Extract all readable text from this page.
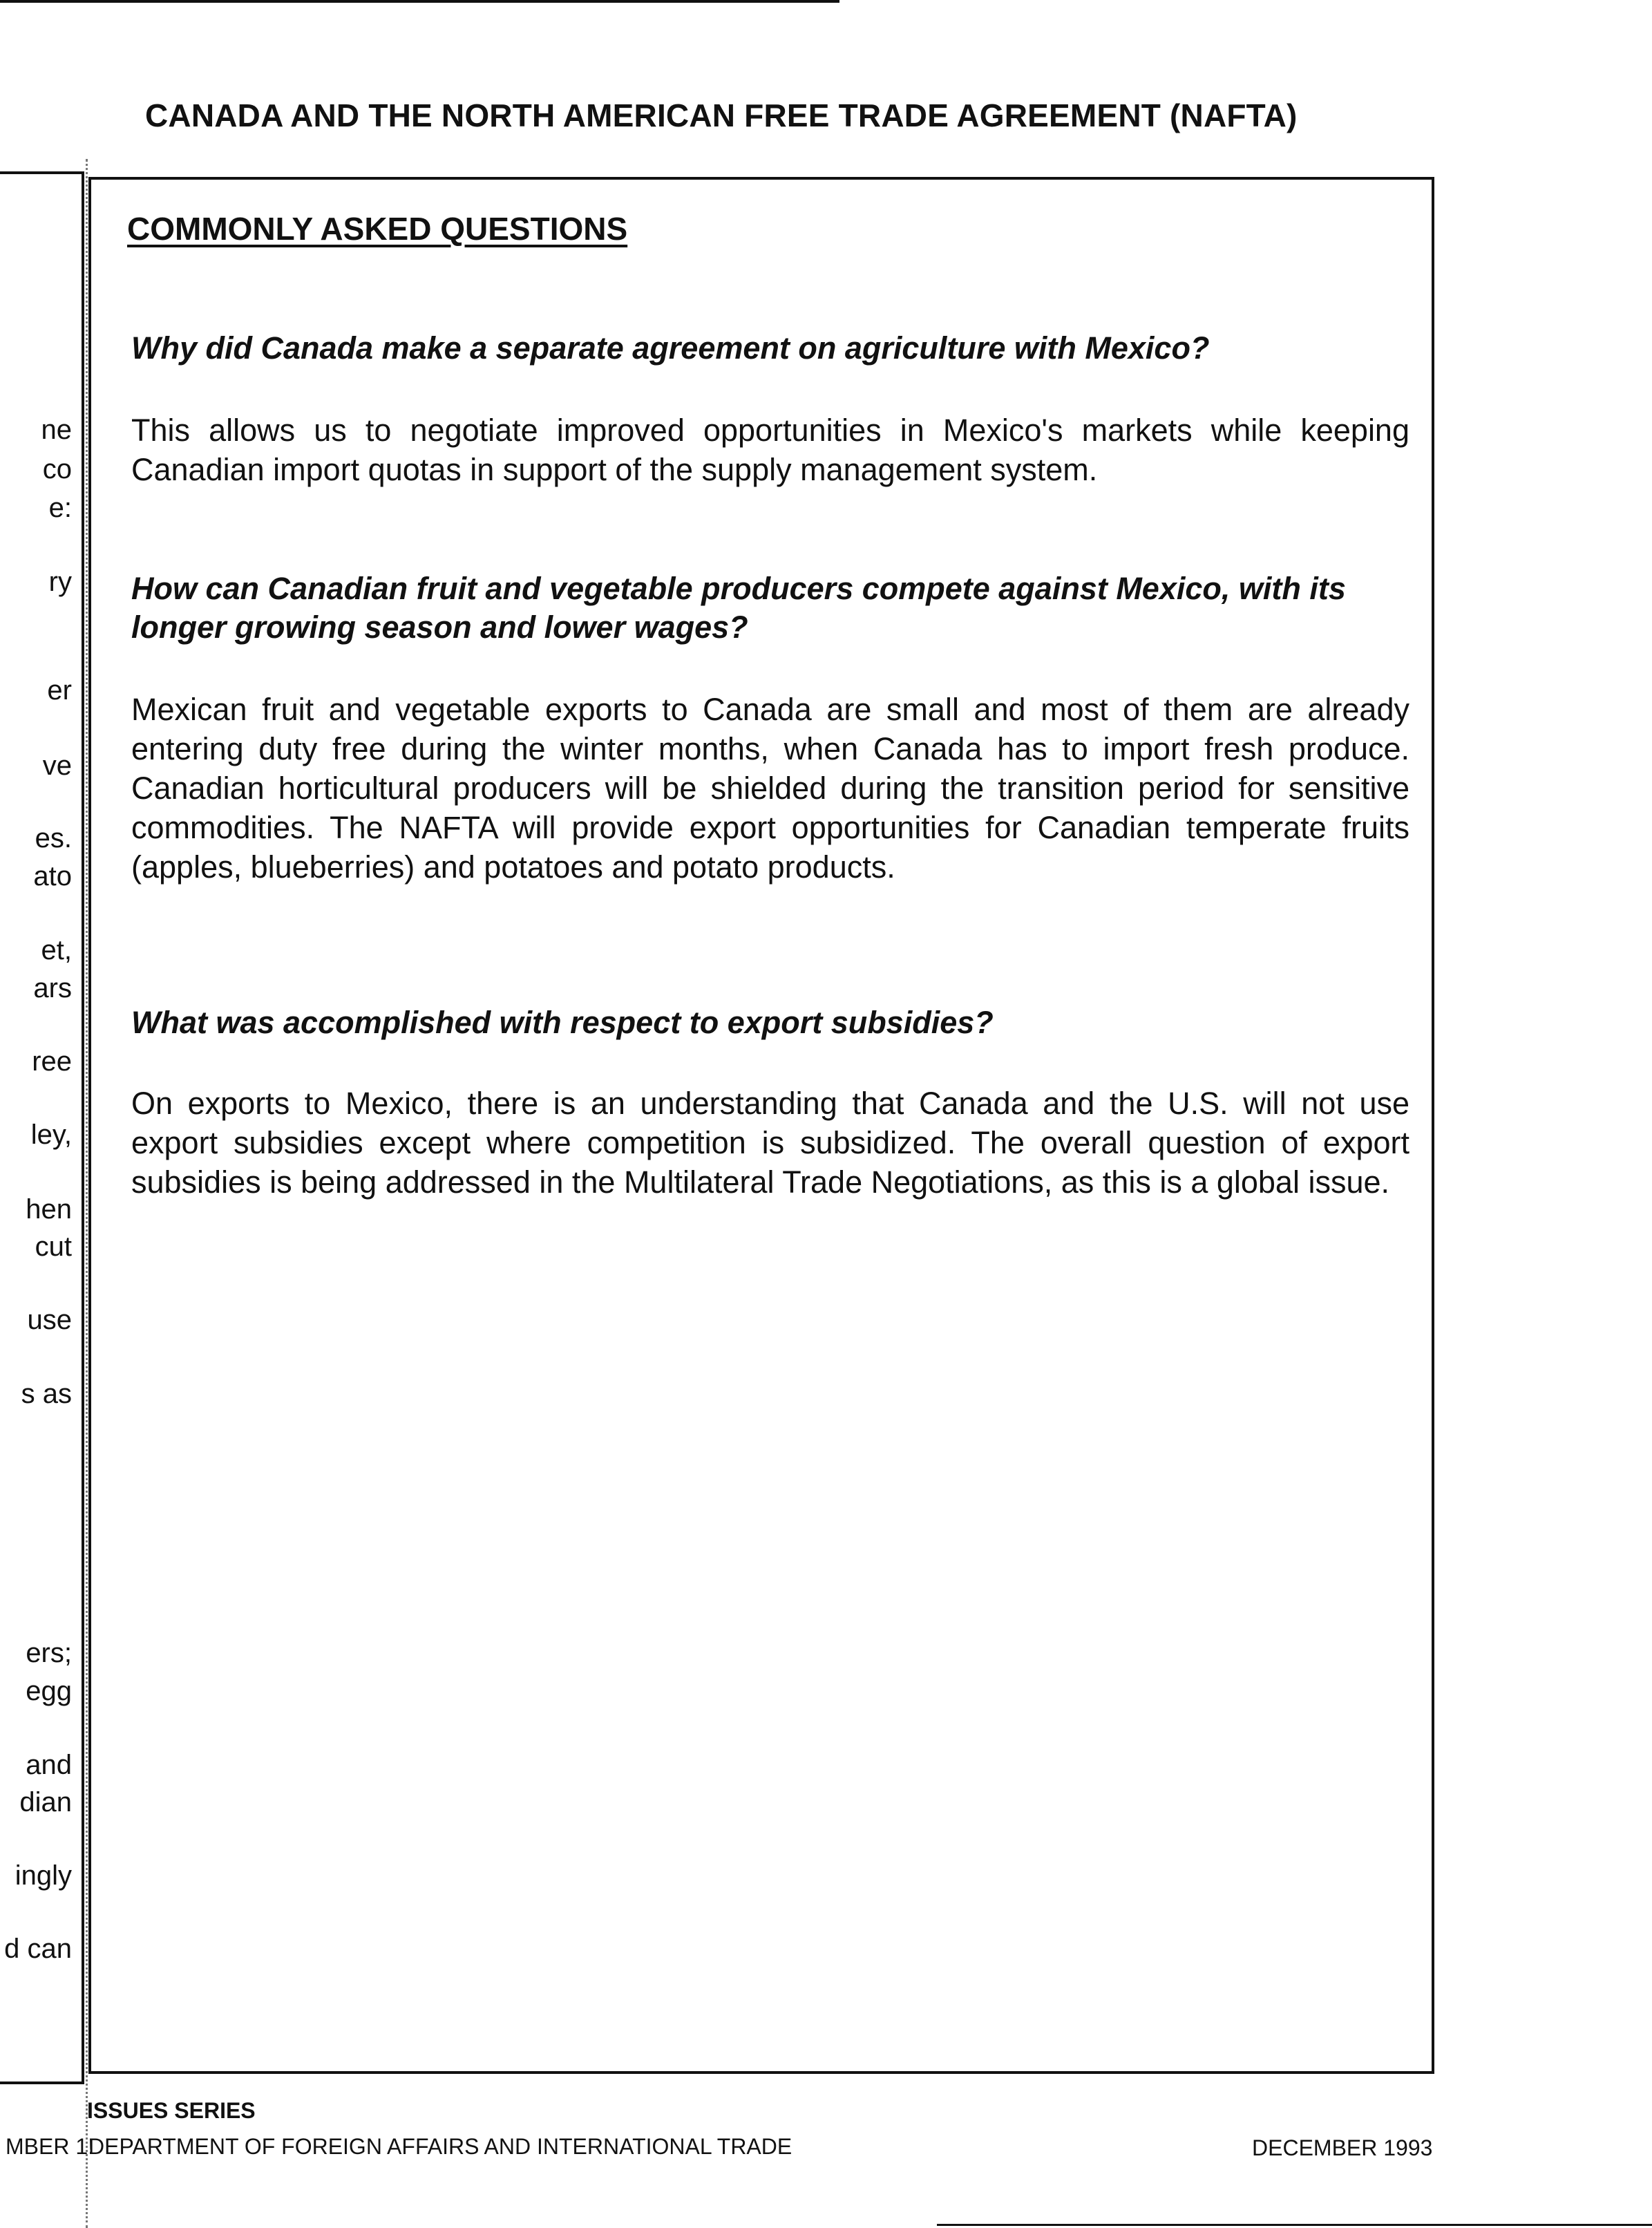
CANADA AND THE NORTH AMERICAN FREE TRADE AGREEMENT (NAFTA)
ne
co
e:
ry
er
ve
es.
ato
et,
ars
ree
ley,
hen
cut
use
s as
ers;
egg
and
dian
ingly
d can
COMMONLY ASKED QUESTIONS

Why did Canada make a separate agreement on agriculture with Mexico?

This allows us to negotiate improved opportunities in Mexico's markets while keeping Canadian import quotas in support of the supply management system.

How can Canadian fruit and vegetable producers compete against Mexico, with its longer growing season and lower wages?

Mexican fruit and vegetable exports to Canada are small and most of them are already entering duty free during the winter months, when Canada has to import fresh produce. Canadian horticultural producers will be shielded during the transition period for sensitive commodities. The NAFTA will provide export opportunities for Canadian temperate fruits (apples, blueberries) and potatoes and potato products.

What was accomplished with respect to export subsidies?

On exports to Mexico, there is an understanding that Canada and the U.S. will not use export subsidies except where competition is subsidized. The overall question of export subsidies is being addressed in the Multilateral Trade Negotiations, as this is a global issue.

ISSUES SERIES
MBER 1!
DEPARTMENT OF FOREIGN AFFAIRS AND INTERNATIONAL TRADE	DECEMBER 1993
